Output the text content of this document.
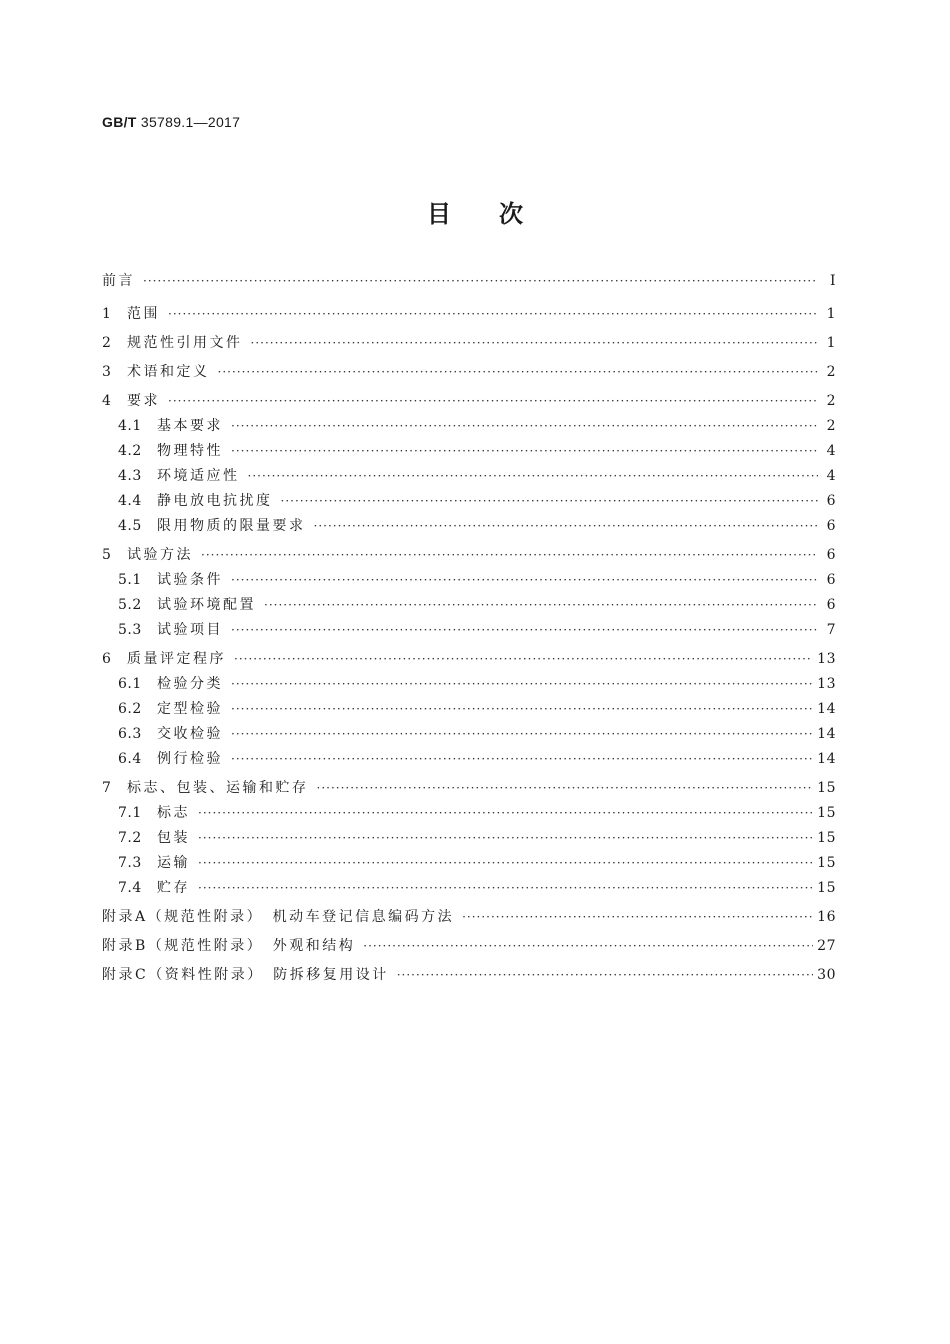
GB/T 35789.1—2017
目次
前言 ·····	Ⅰ
1	范围 ·····	1
2	规范性引用文件 ·····	1
3	术语和定义 ·····	2
4	要求 ·····	2
4.1	基本要求 ·····	2
4.2	物理特性 ·····	4
4.3	环境适应性 ·····	4
4.4	静电放电抗扰度 ·····	6
4.5	限用物质的限量要求 ·····	6
5	试验方法 ·····	6
5.1	试验条件 ·····	6
5.2	试验环境配置 ·····	6
5.3	试验项目 ·····	7
6	质量评定程序 ·····	13
6.1	检验分类 ·····	13
6.2	定型检验 ·····	14
6.3	交收检验 ·····	14
6.4	例行检验 ·····	14
7	标志、包装、运输和贮存 ·····	15
7.1	标志 ·····	15
7.2	包装 ·····	15
7.3	运输 ·····	15
7.4	贮存 ·····	15
附录A（规范性附录）　机动车登记信息编码方法 ·····	16
附录B（规范性附录）　外观和结构 ·····	27
附录C（资料性附录）　防拆移复用设计 ·····	30
